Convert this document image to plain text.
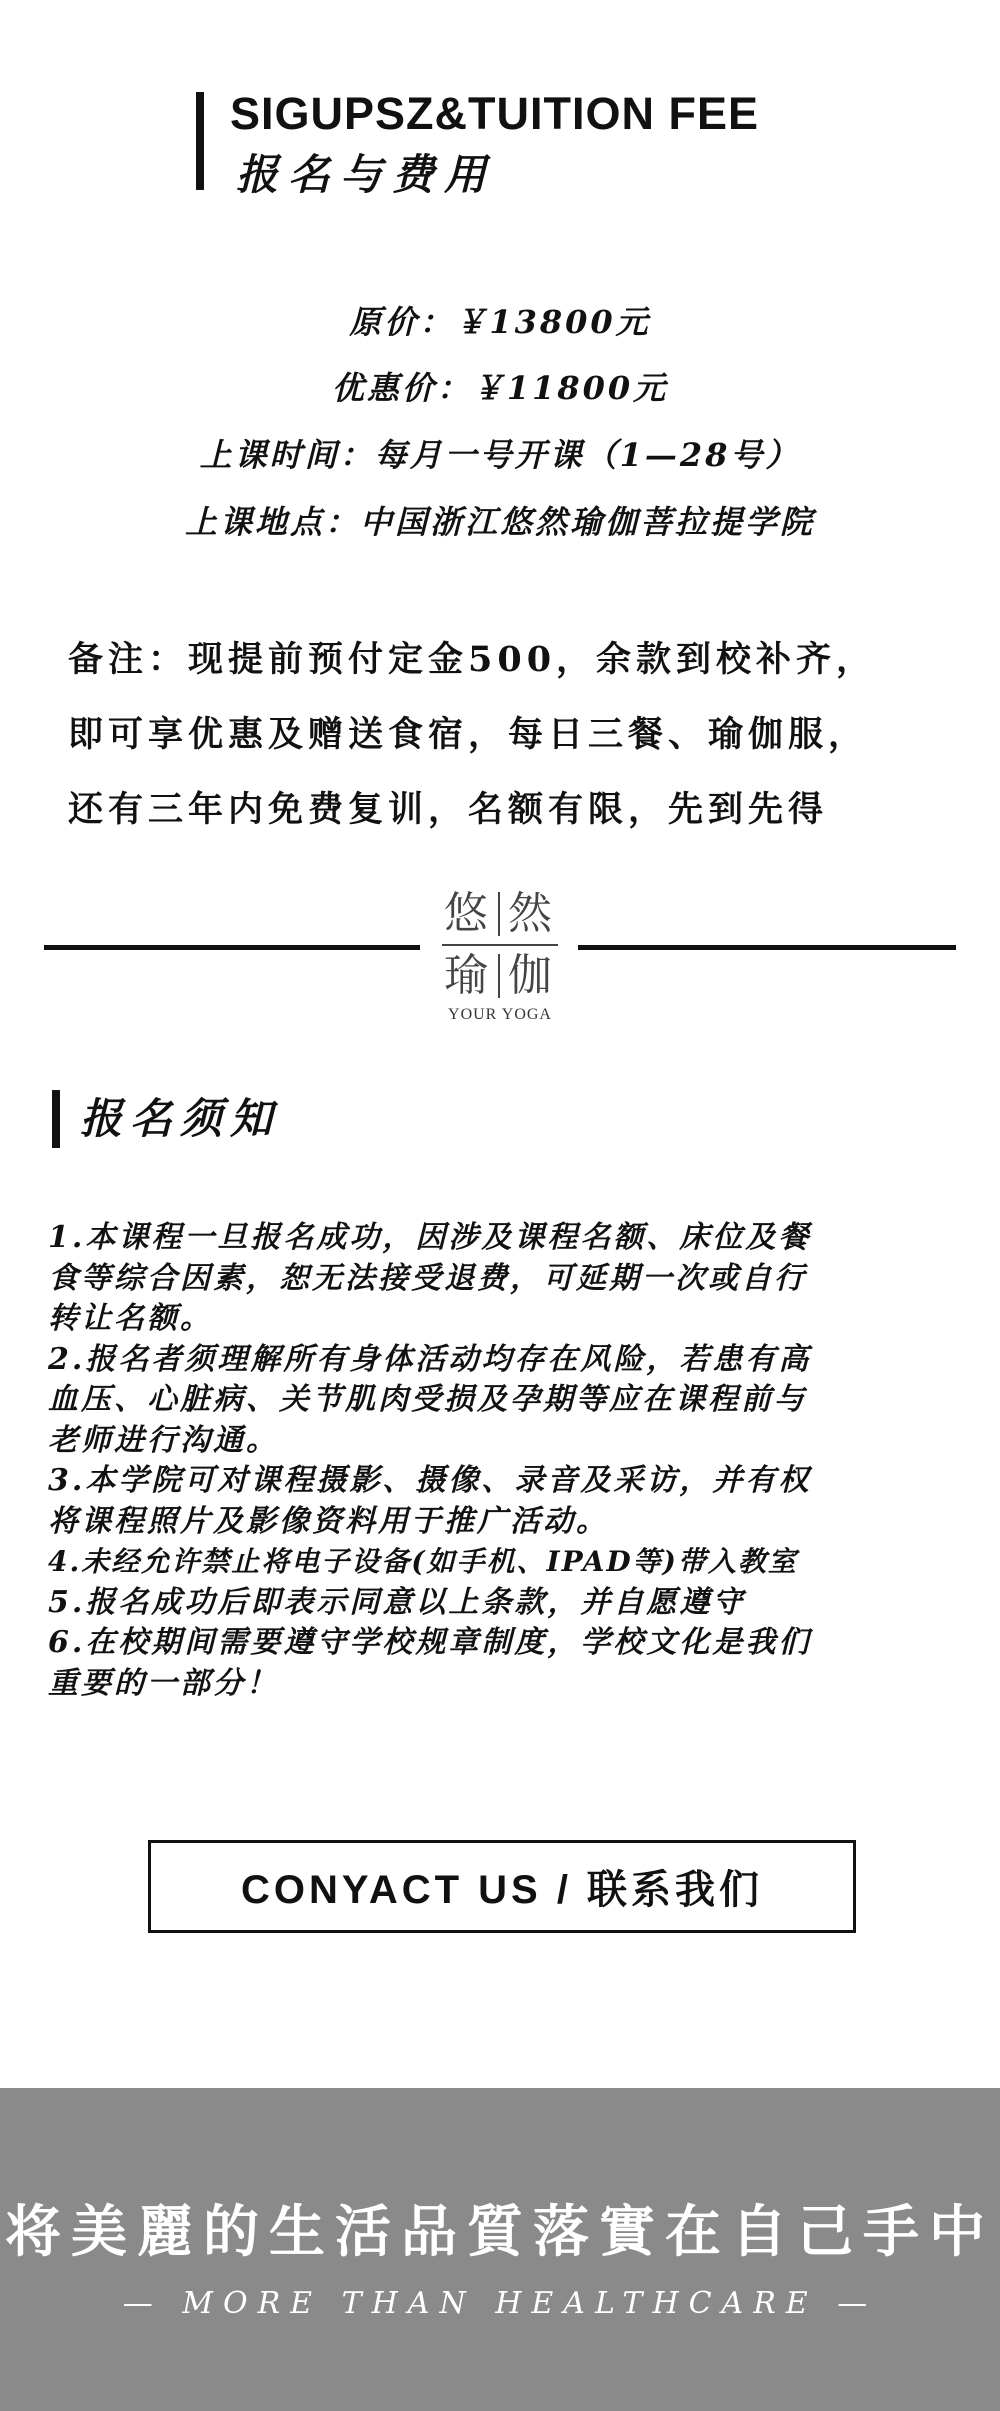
SIGUPSZ&TUITION FEE
报名与费用
原价：￥13800元
优惠价：￥11800元
上课时间：每月一号开课（1—28号）
上课地点：中国浙江悠然瑜伽菩拉提学院
备注：现提前预付定金500，余款到校补齐，
即可享优惠及赠送食宿，每日三餐、瑜伽服，
还有三年内免费复训，名额有限，先到先得
悠 然
瑜 伽
YOUR YOGA
报名须知
1.本课程一旦报名成功，因涉及课程名额、床位及餐
食等综合因素，恕无法接受退费，可延期一次或自行
转让名额。
2.报名者须理解所有身体活动均存在风险，若患有高
血压、心脏病、关节肌肉受损及孕期等应在课程前与
老师进行沟通。
3.本学院可对课程摄影、摄像、录音及采访，并有权
将课程照片及影像资料用于推广活动。
4.未经允许禁止将电子设备(如手机、IPAD等)带入教室
5.报名成功后即表示同意以上条款，并自愿遵守
6.在校期间需要遵守学校规章制度，学校文化是我们
重要的一部分！
CONYACT US / 联系我们
将美麗的生活品質落實在自己手中
— MORE THAN HEALTHCARE —
